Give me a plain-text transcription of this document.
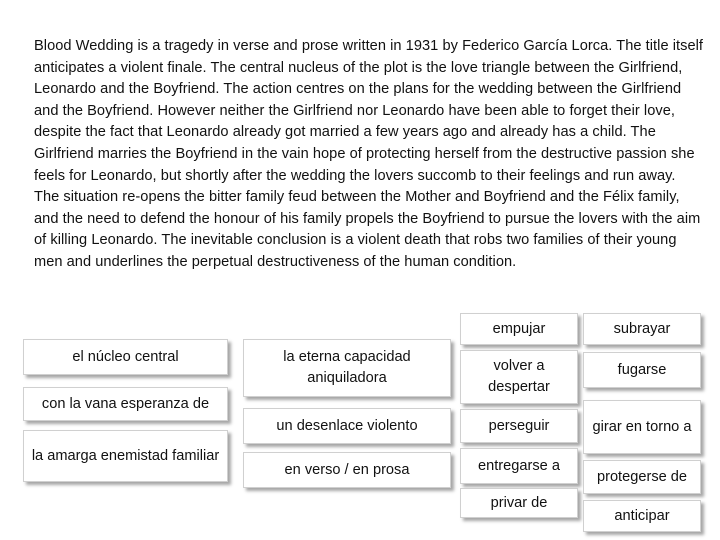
Blood Wedding is a tragedy in verse and prose written in 1931 by Federico García Lorca. The title itself anticipates a violent finale. The central nucleus of the plot is the love triangle between the Girlfriend, Leonardo and the Boyfriend. The action centres on the plans for the wedding between the Girlfriend and the Boyfriend. However neither the Girlfriend nor Leonardo have been able to forget their love, despite the fact that Leonardo already got married a few years ago and already has a child. The Girlfriend marries the Boyfriend in the vain hope of protecting herself from the destructive passion she feels for Leonardo, but shortly after the wedding the lovers succomb to their feelings and run away. The situation re-opens the bitter family feud between the Mother and Boyfriend and the Félix family, and the need to defend the honour of his family propels the Boyfriend to pursue the lovers with the aim of killing Leonardo. The inevitable conclusion is a violent death that robs two families of their young men and underlines the perpetual destructiveness of the human condition.

el núcleo central
con la vana esperanza de
la amarga enemistad familiar
la eterna capacidad aniquiladora
un desenlace violento
en verso / en prosa
empujar
volver a despertar
perseguir
entregarse a
privar de
subrayar
fugarse
girar en torno a
protegerse de
anticipar
